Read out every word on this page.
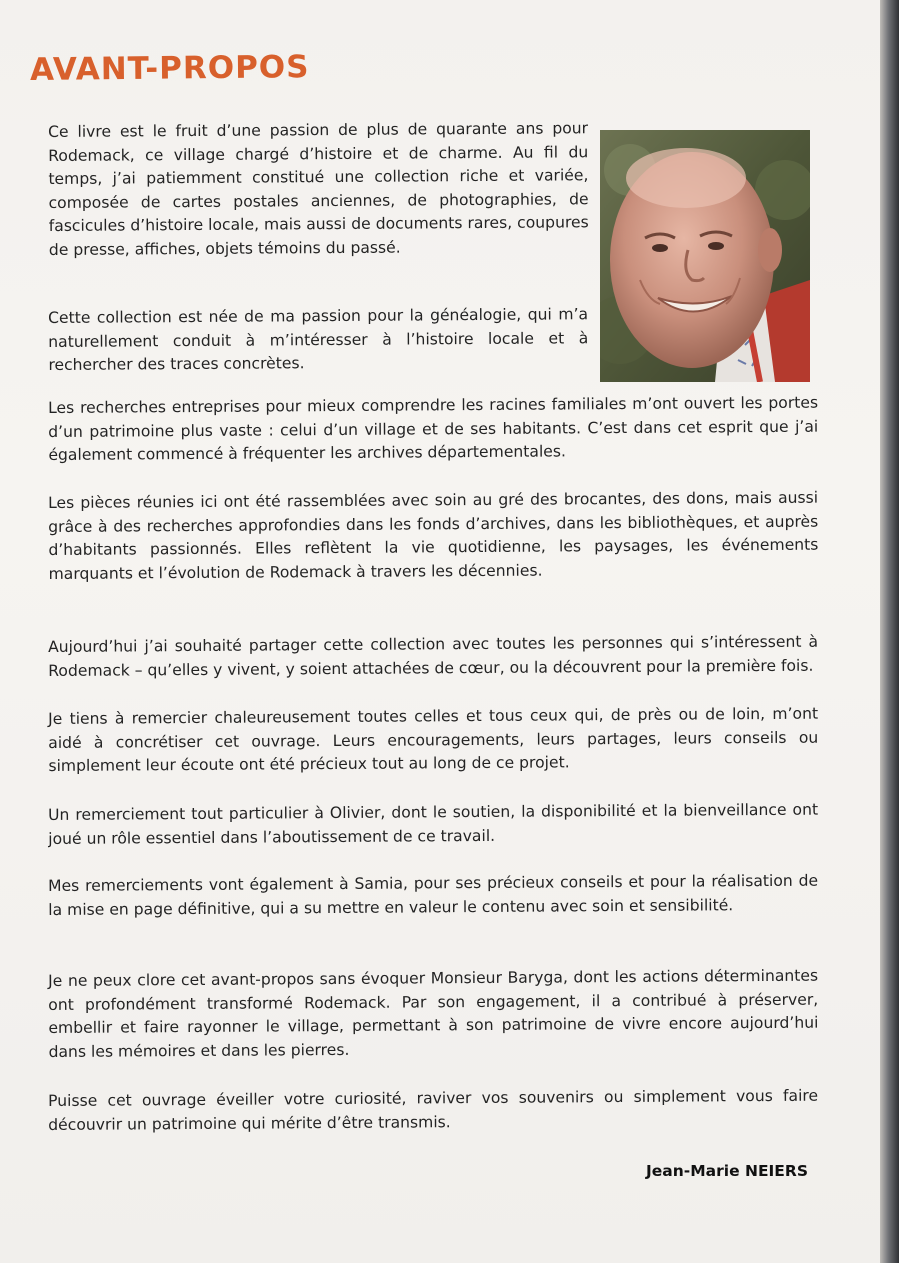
AVANT-PROPOS

Ce livre est le fruit d’une passion de plus de quarante ans pour Rodemack, ce village chargé d’histoire et de charme. Au fil du temps, j’ai patiemment constitué une collection riche et variée, composée de cartes postales anciennes, de photographies, de fascicules d’histoire locale, mais aussi de documents rares, coupures de presse, affiches, objets témoins du passé.

Cette collection est née de ma passion pour la généalogie, qui m’a naturellement conduit à m’intéresser à l’histoire locale et à rechercher des traces concrètes.

Les recherches entreprises pour mieux comprendre les racines familiales m’ont ouvert les portes d’un patrimoine plus vaste : celui d’un village et de ses habitants. C’est dans cet esprit que j’ai également commencé à fréquenter les archives départementales.

Les pièces réunies ici ont été rassemblées avec soin au gré des brocantes, des dons, mais aussi grâce à des recherches approfondies dans les fonds d’archives, dans les bibliothèques, et auprès d’habitants passionnés. Elles reflètent la vie quotidienne, les paysages, les événements marquants et l’évolution de Rodemack à travers les décennies.

Aujourd’hui j’ai souhaité partager cette collection avec toutes les personnes qui s’intéressent à Rodemack – qu’elles y vivent, y soient attachées de cœur, ou la découvrent pour la première fois.

Je tiens à remercier chaleureusement toutes celles et tous ceux qui, de près ou de loin, m’ont aidé à concrétiser cet ouvrage. Leurs encouragements, leurs partages, leurs conseils ou simplement leur écoute ont été précieux tout au long de ce projet.

Un remerciement tout particulier à Olivier, dont le soutien, la disponibilité et la bienveillance ont joué un rôle essentiel dans l’aboutissement de ce travail.

Mes remerciements vont également à Samia, pour ses précieux conseils et pour la réalisation de la mise en page définitive, qui a su mettre en valeur le contenu avec soin et sensibilité.

Je ne peux clore cet avant-propos sans évoquer Monsieur Baryga, dont les actions déterminantes ont profondément transformé Rodemack. Par son engagement, il a contribué à préserver, embellir et faire rayonner le village, permettant à son patrimoine de vivre encore aujourd’hui dans les mémoires et dans les pierres.

Puisse cet ouvrage éveiller votre curiosité, raviver vos souvenirs ou simplement vous faire découvrir un patrimoine qui mérite d’être transmis.

Jean-Marie NEIERS
